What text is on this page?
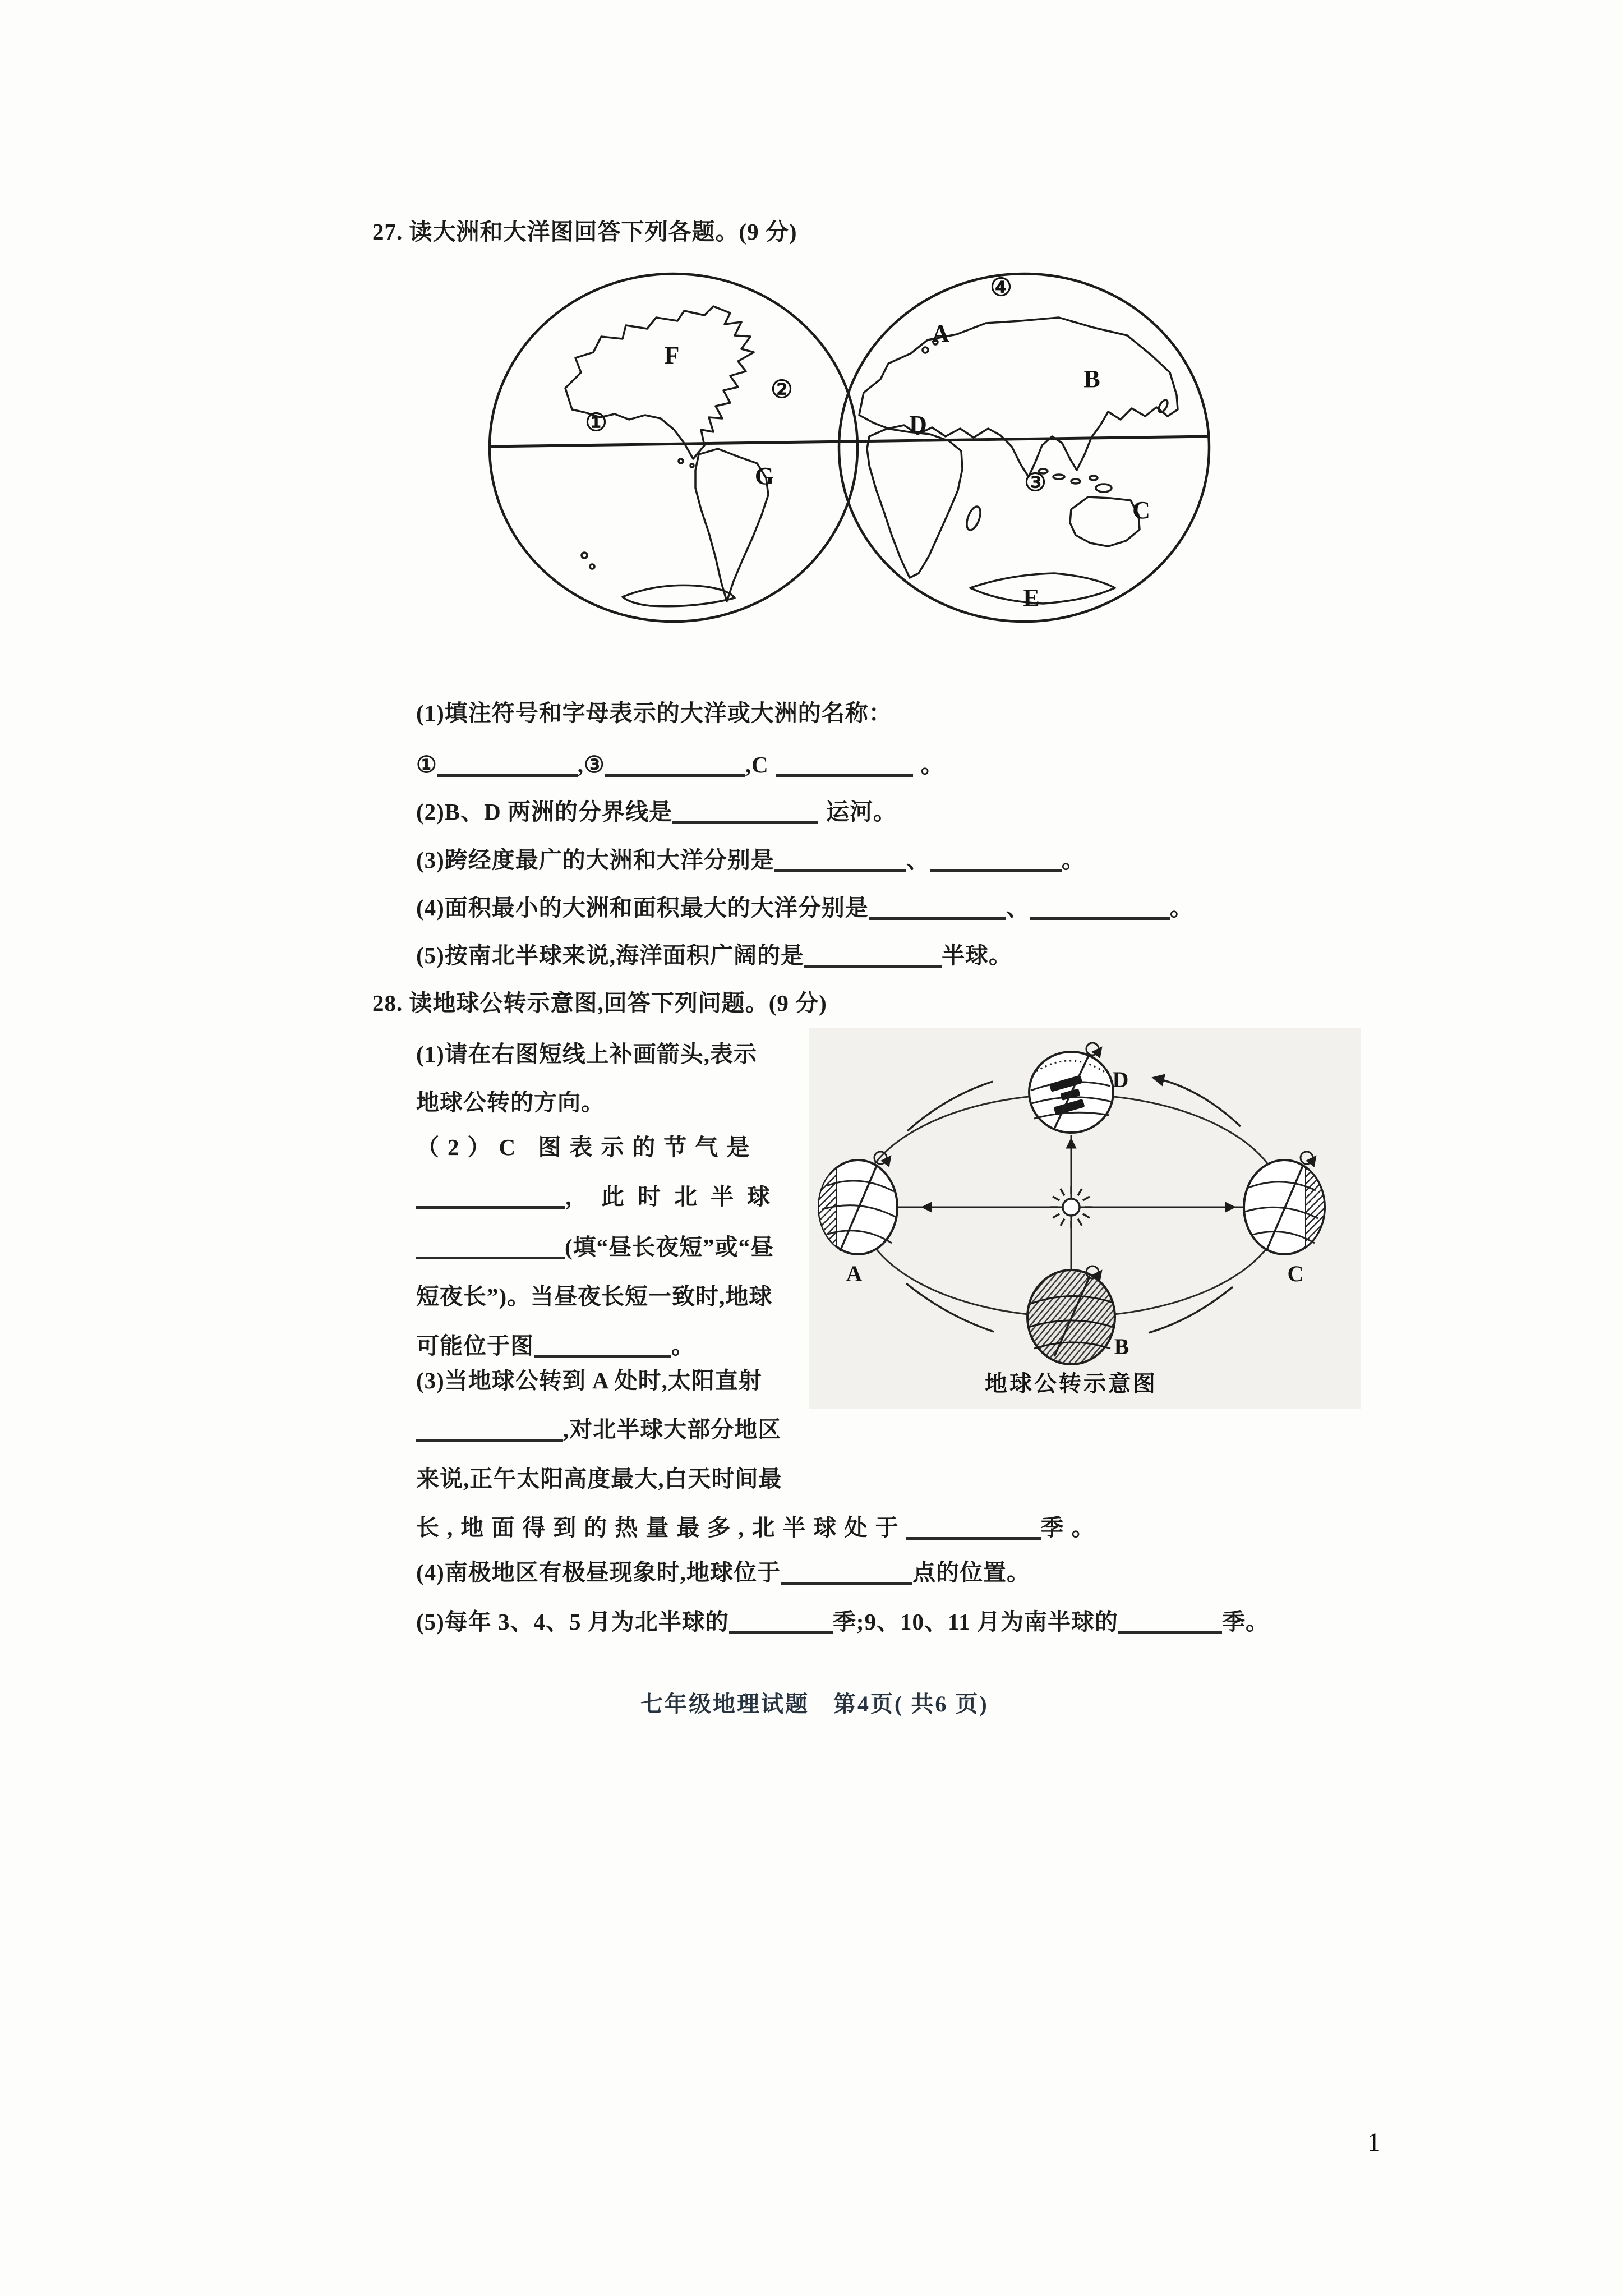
27. 读大洲和大洋图回答下列各题。(9 分)
①
②
③
④
F
G
A
B
D
C
E
(1)填注符号和字母表示的大洋或大洲的名称：
①	,③	,C	。
(2)B、D 两洲的分界线是	运河。
(3)跨经度最广的大洲和大洋分别是	、	。
(4)面积最小的大洲和面积最大的大洋分别是	、	。
(5)按南北半球来说,海洋面积广阔的是	半球。
28. 读地球公转示意图,回答下列问题。(9 分)
A
B
C
D
地球公转示意图
(1)请在右图短线上补画箭头,表示
地球公转的方向。
（2）C 图表示的节气是
，此时北半球
(填“昼长夜短”或“昼
短夜长”)。当昼夜长短一致时,地球
可能位于图	。
(3)当地球公转到 A 处时,太阳直射
,对北半球大部分地区
来说,正午太阳高度最大,白天时间最
长,地面得到的热量最多,北半球处于	季。
(4)南极地区有极昼现象时,地球位于	点的位置。
(5)每年 3、4、5 月为北半球的	季;9、10、11 月为南半球的	季。
七年级地理试题　第4页( 共6 页)
1
